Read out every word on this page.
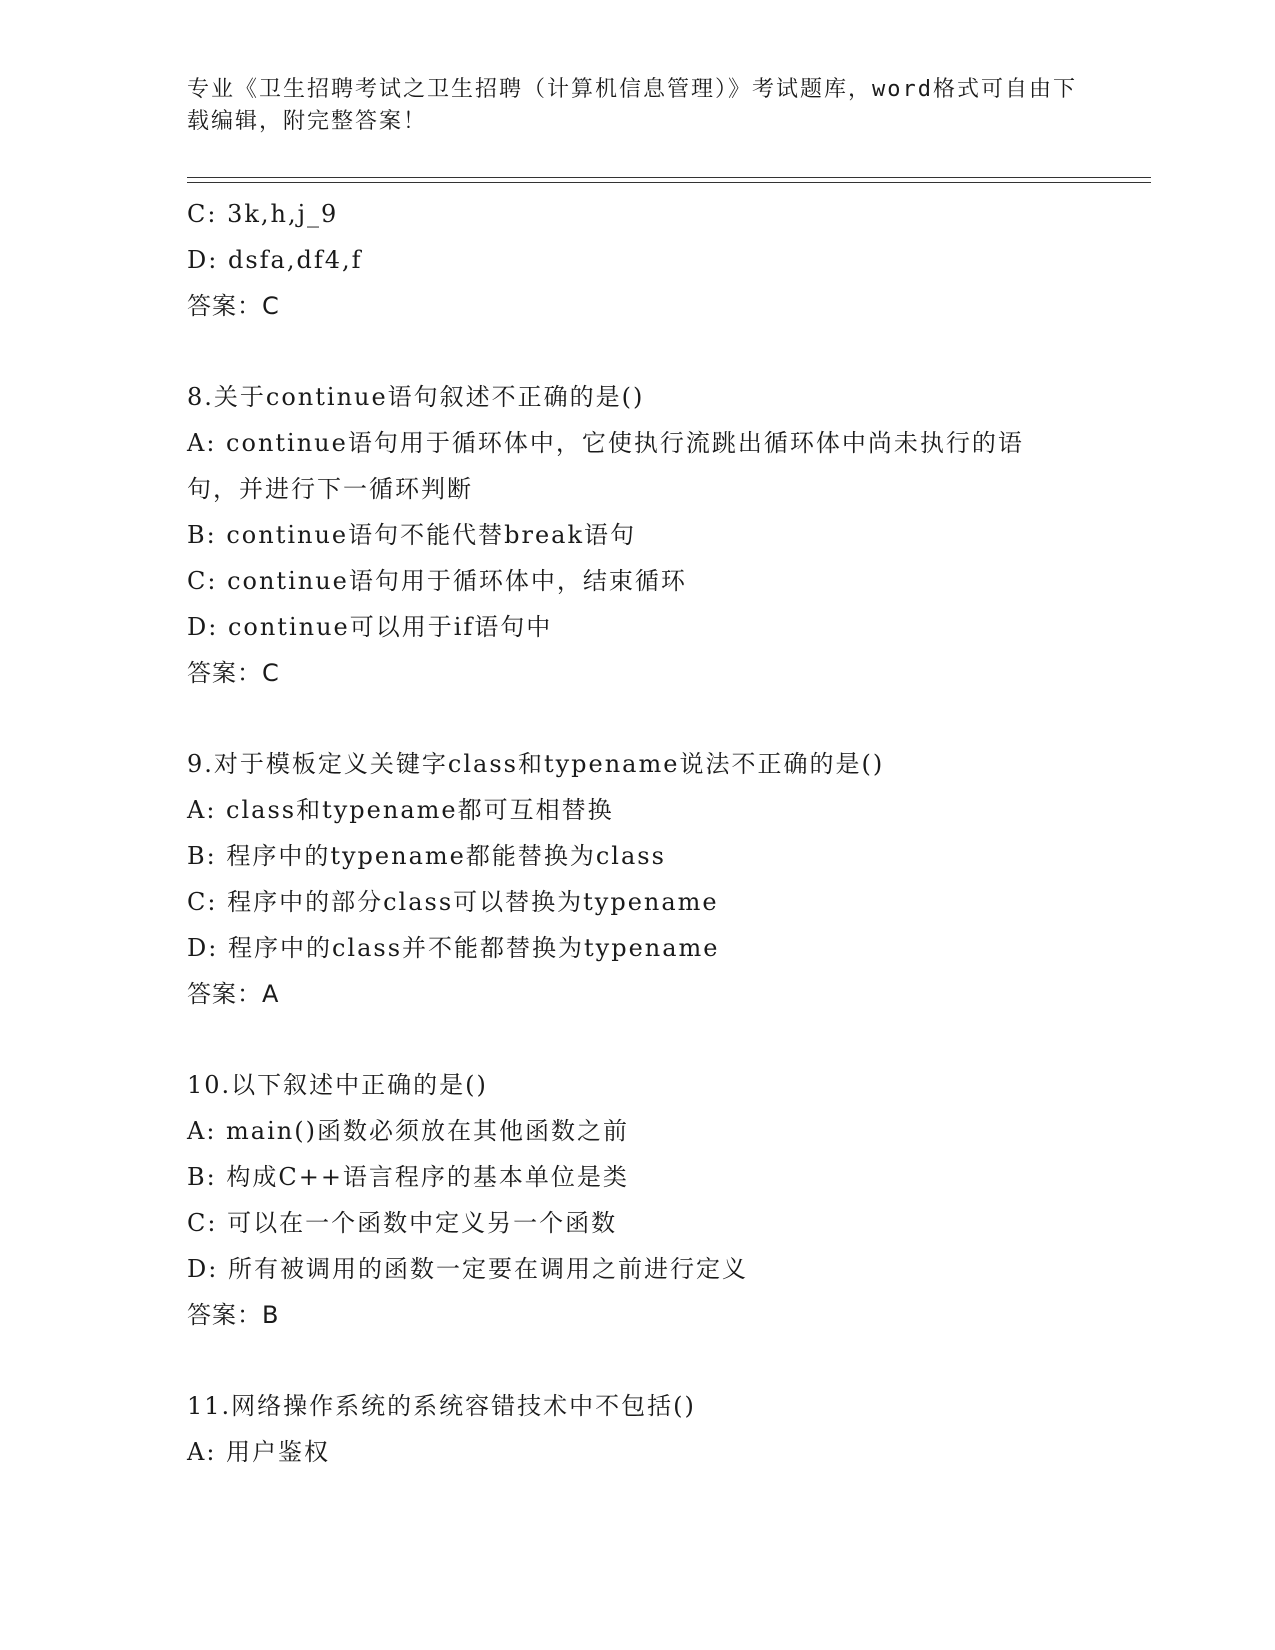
专业《卫生招聘考试之卫生招聘（计算机信息管理）》考试题库，word格式可自由下载编辑，附完整答案！
C: 3k,h,j_9
D: dsfa,df4,f
答案：C
8.关于continue语句叙述不正确的是()
A: continue语句用于循环体中，它使执行流跳出循环体中尚未执行的语句，并进行下一循环判断
B: continue语句不能代替break语句
C: continue语句用于循环体中，结束循环
D: continue可以用于if语句中
答案：C
9.对于模板定义关键字class和typename说法不正确的是()
A: class和typename都可互相替换
B: 程序中的typename都能替换为class
C: 程序中的部分class可以替换为typename
D: 程序中的class并不能都替换为typename
答案：A
10.以下叙述中正确的是()
A: main()函数必须放在其他函数之前
B: 构成C++语言程序的基本单位是类
C: 可以在一个函数中定义另一个函数
D: 所有被调用的函数一定要在调用之前进行定义
答案：B
11.网络操作系统的系统容错技术中不包括()
A: 用户鉴权
